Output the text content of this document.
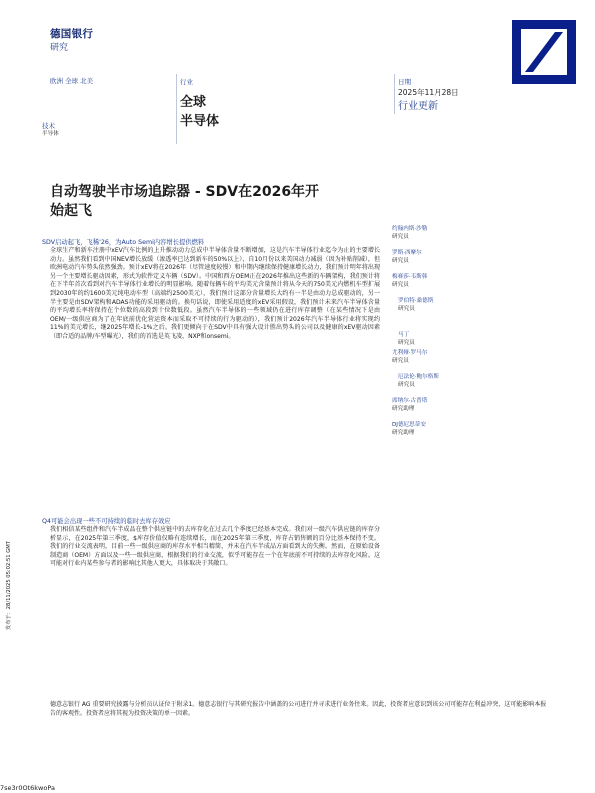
德国银行
研究
欧洲 全球 北美	行业
全球
半导体
日期
2025年11月28日
行业更新
技术
半导体
自动驾驶半市场追踪器 - SDV在2026年开
始起飞
SDV启动起飞，飞稀'26，为Auto Semi内容增长提供燃料
全球生产和新车注册中xEV汽车比例的上升推动动力总成中半导体含量不断增加，这是汽车半导体行业迄今为止的主要增长动力。虽然我们看到中国NEV增长放缓（渗透率已达到新车的50%以上），自10月份以来美国动力减弱（因为补贴削减），但欧洲电动汽车势头依然强劲。预计xEV将在2026年（尽管速度较慢）和中期内继续保持健康增长动力，我们预计明年将出现另一个主要增长驱动因素，形式为软件定义车辆（SDV）。中国和西方OEM正在2026年推出这些新的车辆架构，我们预计将在下半年首次看到对汽车半导体行业增长的明显影响。随着每辆车的平均美元含量预计将从今天的750美元内燃机车型扩展到2030年的约1600美元纯电动车型（高端约2500美元），我们预计这部分含量增长大约有一半是由动力总成驱动的，另一半主要是由SDV架构和ADAS功能的采用驱动的。换句话说，即使采用适度的xEV采用假设，我们预计未来汽车半导体含量的平均增长率将保持在个位数的高段到十位数低段。虽然汽车半导体的一些领域仍在进行库存调整（在某些情况下是由OEM/一级供应商为了在年底前优化营运资本而采取不可持续的行为驱动的），我们预计2026年汽车半导体行业将实现约11%的美元增长，继2025年增长-1%之后。我们更倾向于在SDV中具有强大设计胜出势头的公司以及健康的xEV驱动因素（即合适的品牌/车型曝光），我们的首选是英飞凌、NXP和onsemi。
Q4可能会出现一些不可持续的临时去库存效应
我们相信某些组件和汽车半成品在整个供应链中的去库存化在过去几个季度已经基本完成。我们对一级汽车供应链的库存分析显示，在2025年第三季度，$库存价值仅略有连续增长，而在2025年第三季度，库存占销售额的百分比基本保持不变。我们的行业交流表明，目前一些一级供应商的库存水平相当精简，并未在汽车半成品方面看到大的失衡。然而，在原始设备制造商（OEM）方面以及一些一级供应商，根据我们的行业交流，似乎可能存在一个在年底前不可持续的去库存化风险。这可能对行业内某些参与者的影响比其他人更大，具体取决于其敞口。
约翰内斯·沙勒
研究员
罗斯·西摩尔
研究员
梅赛莎·韦斯韩
研究员
罗伯特·桑德斯
研究员
马丁
研究员
尤利娅·罗马尔
研究员
厄法伦·鲍尔格斯
研究员
席纳尔·古普塔
研究助理
DJ德尼思蒂安
研究助理
德意志银行 AG 重要研究披露与分析员认证位于附录1。德意志银行与其研究报告中涵盖的公司进行并寻求进行业务往来。因此，投资者应意识到该公司可能存在利益冲突，这可能影响本报告的客观性。投资者应将其视为投资决策的单一因素。
发布于：28/11/2025 05:02:51 GMT
7se3r0Ot6kwoPa
